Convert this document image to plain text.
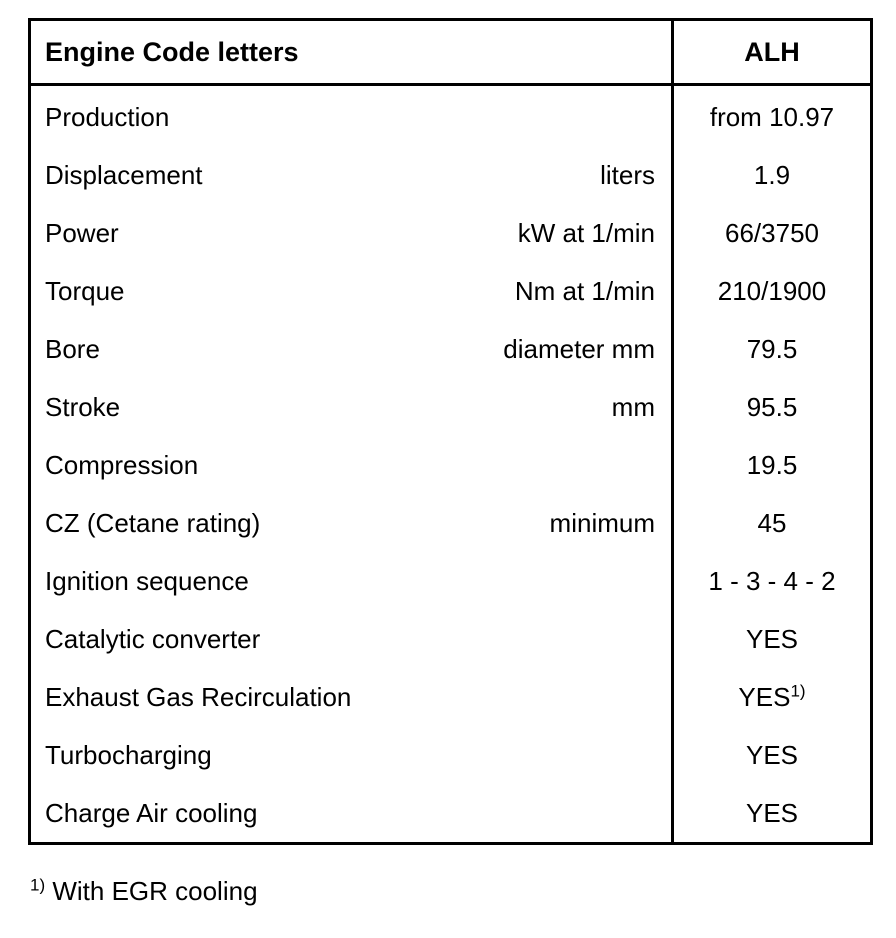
Engine Code letters		ALH
Production		from 10.97
Displacement	liters	1.9
Power	kW at 1/min	66/3750
Torque	Nm at 1/min	210/1900
Bore	diameter mm	79.5
Stroke	mm	95.5
Compression		19.5
CZ (Cetane rating)	minimum	45
Ignition sequence		1 - 3 - 4 - 2
Catalytic converter		YES
Exhaust Gas Recirculation		YES$^{1)}$
Turbocharging		YES
Charge Air cooling		YES
$^{1)}$ With EGR cooling
